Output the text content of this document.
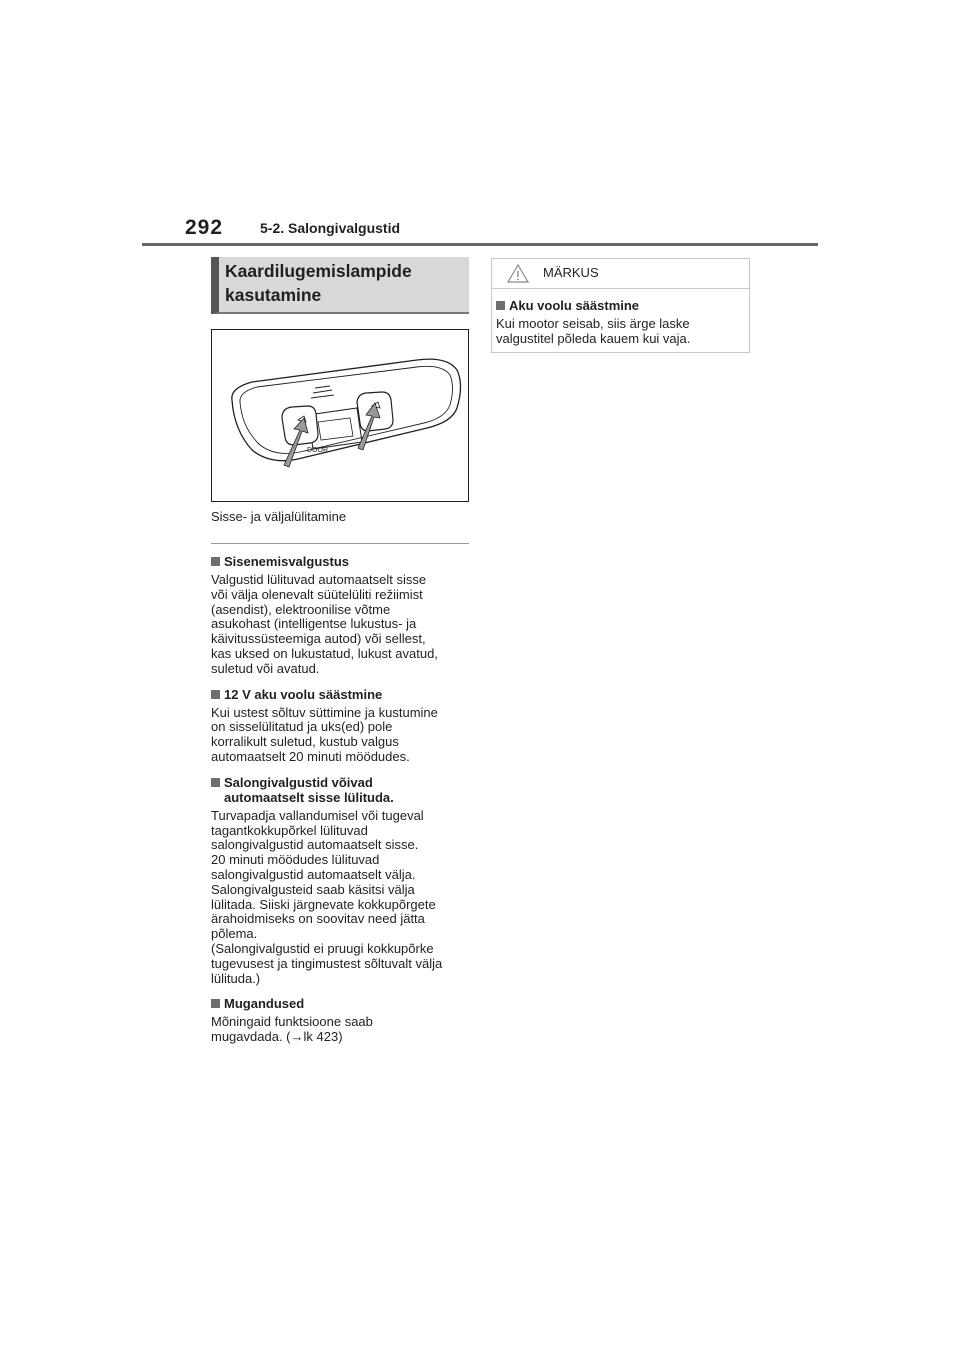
292	5-2. Salongivalgustid
Kaardilugemislampide
kasutamine
DOOR
Sisse- ja väljalülitamine
Sisenemisvalgustus
Valgustid lülituvad automaatselt sisse
või välja olenevalt süütelüliti režiimist
(asendist), elektroonilise võtme
asukohast (intelligentse lukustus- ja
käivitussüsteemiga autod) või sellest,
kas uksed on lukustatud, lukust avatud,
suletud või avatud.
12 V aku voolu säästmine
Kui ustest sõltuv süttimine ja kustumine
on sisselülitatud ja uks(ed) pole
korralikult suletud, kustub valgus
automaatselt 20 minuti möödudes.
Salongivalgustid võivad
automaatselt sisse lülituda.
Turvapadja vallandumisel või tugeval
tagantkokkupõrkel lülituvad
salongivalgustid automaatselt sisse.
20 minuti möödudes lülituvad
salongivalgustid automaatselt välja.
Salongivalgusteid saab käsitsi välja
lülitada. Siiski järgnevate kokkupõrgete
ärahoidmiseks on soovitav need jätta
põlema.
(Salongivalgustid ei pruugi kokkupõrke
tugevusest ja tingimustest sõltuvalt välja
lülituda.)
Mugandused
Mõningaid funktsioone saab
mugavdada. (→lk 423)
MÄRKUS
Aku voolu säästmine
Kui mootor seisab, siis ärge laske
valgustitel põleda kauem kui vaja.
